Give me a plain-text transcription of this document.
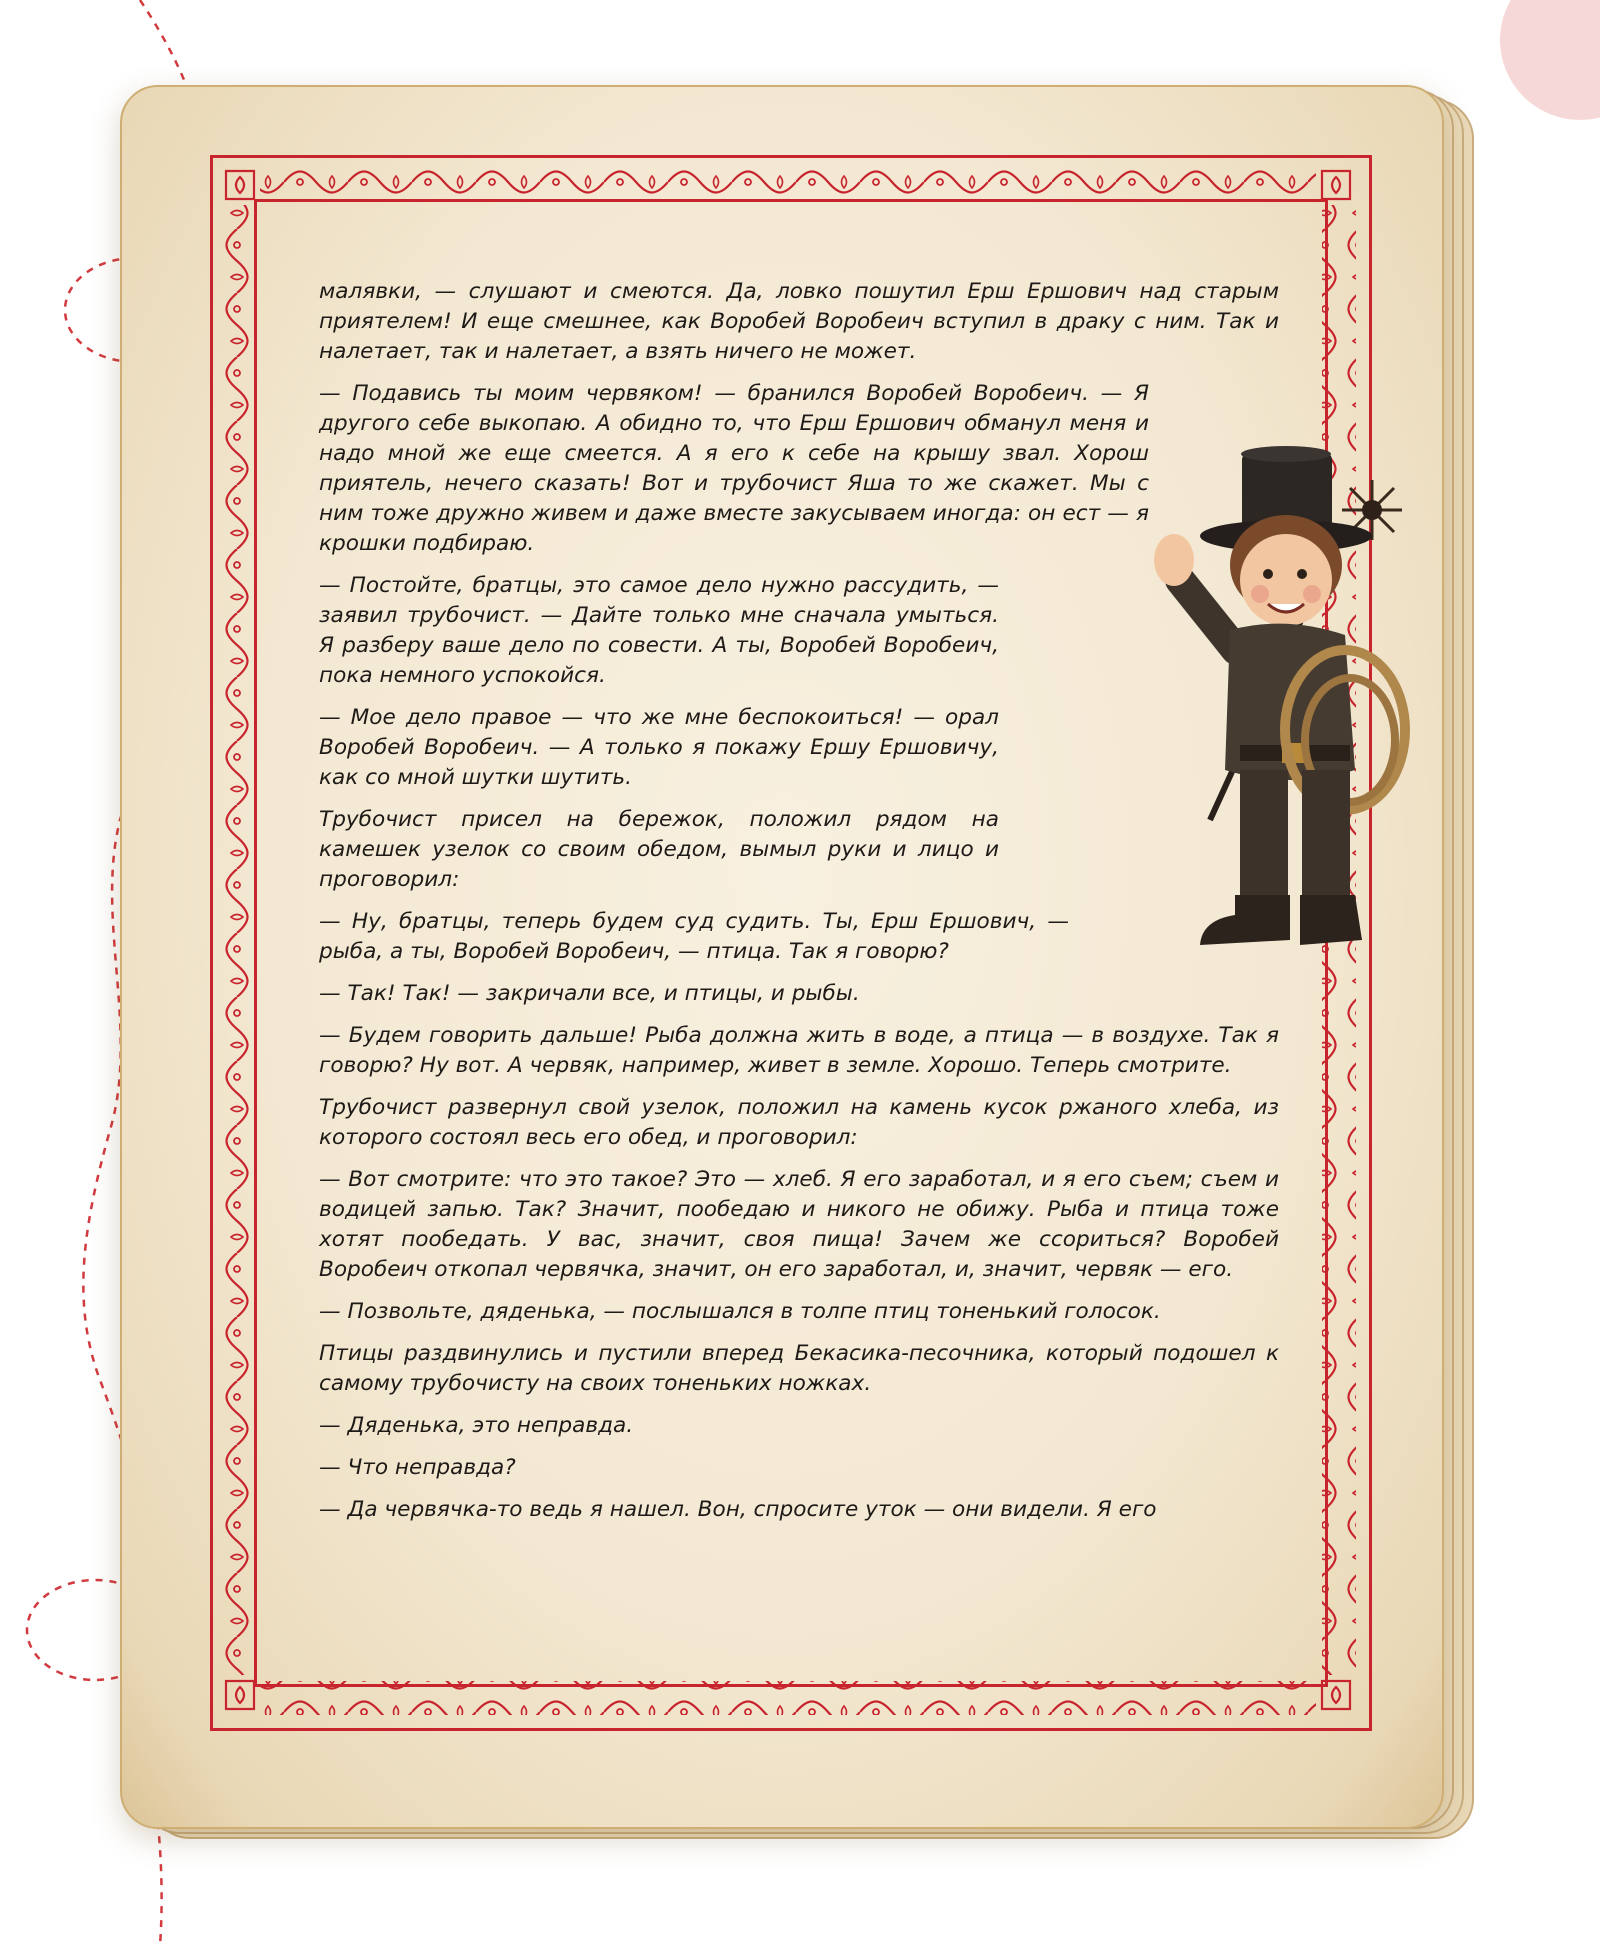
малявки, — слушают и смеются. Да, ловко пошутил Ерш Ершович над старым приятелем! И еще смешнее, как Воробей Воробеич вступил в драку с ним. Так и налетает, так и налетает, а взять ничего не может.

— Подавись ты моим червяком! — бранился Воробей Воробеич. — Я другого себе выкопаю. А обидно то, что Ерш Ершович обманул меня и надо мной же еще смеется. А я его к себе на крышу звал. Хорош приятель, нечего сказать! Вот и трубочист Яша то же скажет. Мы с ним тоже дружно живем и даже вместе закусываем иногда: он ест — я крошки подбираю.

— Постойте, братцы, это самое дело нужно рассудить, — заявил трубочист. — Дайте только мне сначала умыться. Я разберу ваше дело по совести. А ты, Воробей Воробеич, пока немного успокойся.

— Мое дело правое — что же мне беспокоиться! — орал Воробей Воробеич. — А только я покажу Ершу Ершовичу, как со мной шутки шутить.

Трубочист присел на бережок, положил рядом на камешек узелок со своим обедом, вымыл руки и лицо и проговорил:

— Ну, братцы, теперь будем суд судить. Ты, Ерш Ершович, — рыба, а ты, Воробей Воробеич, — птица. Так я говорю?

— Так! Так! — закричали все, и птицы, и рыбы.

— Будем говорить дальше! Рыба должна жить в воде, а птица — в воздухе. Так я говорю? Ну вот. А червяк, например, живет в земле. Хорошо. Теперь смотрите.

Трубочист развернул свой узелок, положил на камень кусок ржаного хлеба, из которого состоял весь его обед, и проговорил:

— Вот смотрите: что это такое? Это — хлеб. Я его заработал, и я его съем; съем и водицей запью. Так? Значит, пообедаю и никого не обижу. Рыба и птица тоже хотят пообедать. У вас, значит, своя пища! Зачем же ссориться? Воробей Воробеич откопал червячка, значит, он его заработал, и, значит, червяк — его.

— Позвольте, дяденька, — послышался в толпе птиц тоненький голосок.

Птицы раздвинулись и пустили вперед Бекасика-песочника, который подошел к самому трубочисту на своих тоненьких ножках.

— Дяденька, это неправда.

— Что неправда?

— Да червячка-то ведь я нашел. Вон, спросите уток — они видели. Я его
